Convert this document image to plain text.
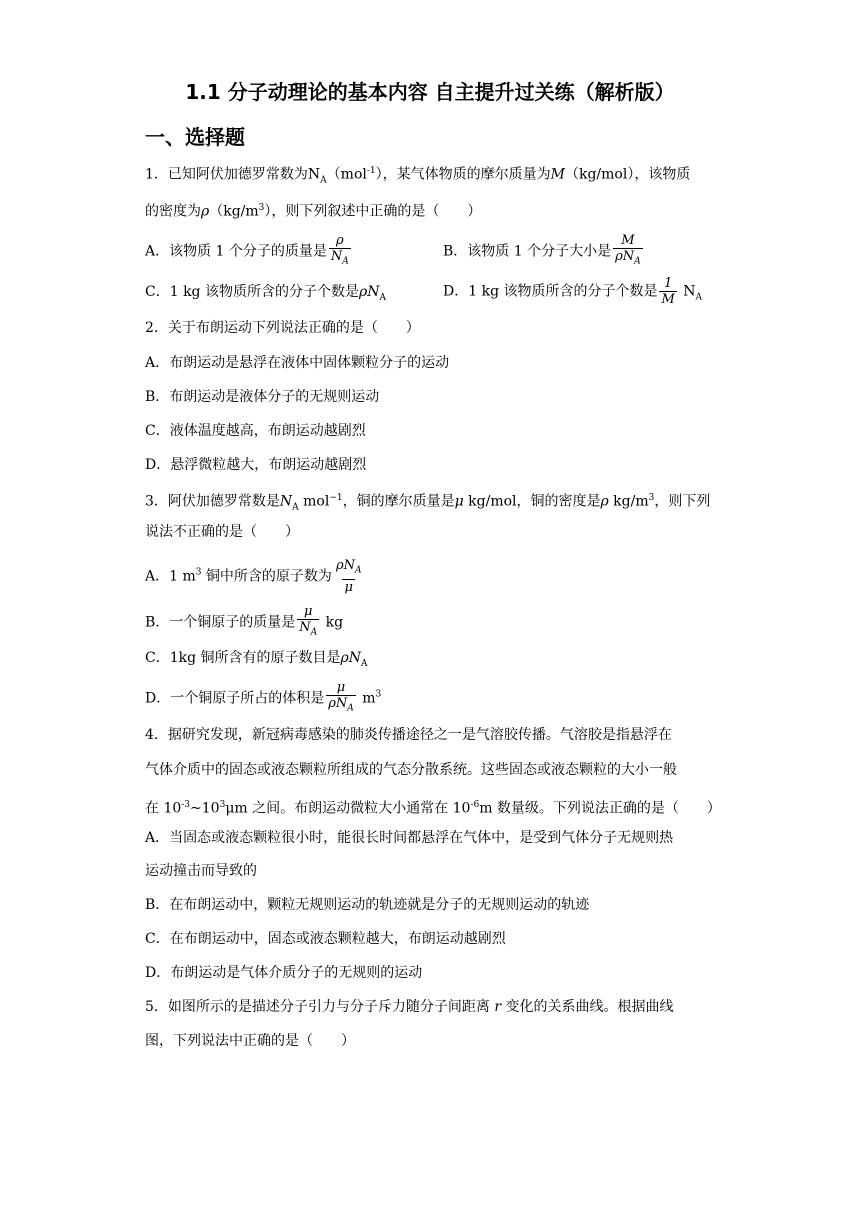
1.1 分子动理论的基本内容 自主提升过关练（解析版）
一、选择题
1．已知阿伏加德罗常数为$N_A(mol^{-1})$，某气体物质的摩尔质量为M（kg/mol），该物质
的密度为$\rho(kg/m^3)$，则下列叙述中正确的是（　　）
A．该物质 1 个分子的质量是 $\frac{\rho}{N_A}$	B．该物质 1 个分子大小是 $\frac{M}{\rho N_A}$
C．1 kg 该物质所含的分子个数是$\rho N_A$	D．1 kg 该物质所含的分子个数是 $\frac{1}{M} N_A$
2．关于布朗运动下列说法正确的是（　　）
A．布朗运动是悬浮在液体中固体颗粒分子的运动
B．布朗运动是液体分子的无规则运动
C．液体温度越高，布朗运动越剧烈
D．悬浮微粒越大，布朗运动越剧烈
3．阿伏加德罗常数是$N_A$ mol$^{-1}$，铜的摩尔质量是μ kg/mol，铜的密度是ρ $kg/m^3$，则下列
说法不正确的是（　　）
A．1 $m^3$ 铜中所含的原子数为 $\frac{\rho N_A}{\mu}$
B．一个铜原子的质量是 $\frac{\mu}{N_A}$ kg
C．1kg 铜所含有的原子数目是$\rho N_A$
D．一个铜原子所占的体积是 $\frac{\mu}{\rho N_A} m^3$
4．据研究发现，新冠病毒感染的肺炎传播途径之一是气溶胶传播。气溶胶是指悬浮在
气体介质中的固态或液态颗粒所组成的气态分散系统。这些固态或液态颗粒的大小一般
在 $10^{-3}\sim 10^3\mu m$ 之间。布朗运动微粒大小通常在 $10^{-6}m$ 数量级。下列说法正确的是（　　）
A．当固态或液态颗粒很小时，能很长时间都悬浮在气体中，是受到气体分子无规则热
运动撞击而导致的
B．在布朗运动中，颗粒无规则运动的轨迹就是分子的无规则运动的轨迹
C．在布朗运动中，固态或液态颗粒越大，布朗运动越剧烈
D．布朗运动是气体介质分子的无规则的运动
5．如图所示的是描述分子引力与分子斥力随分子间距离 r 变化的关系曲线。根据曲线
图，下列说法中正确的是（　　）
